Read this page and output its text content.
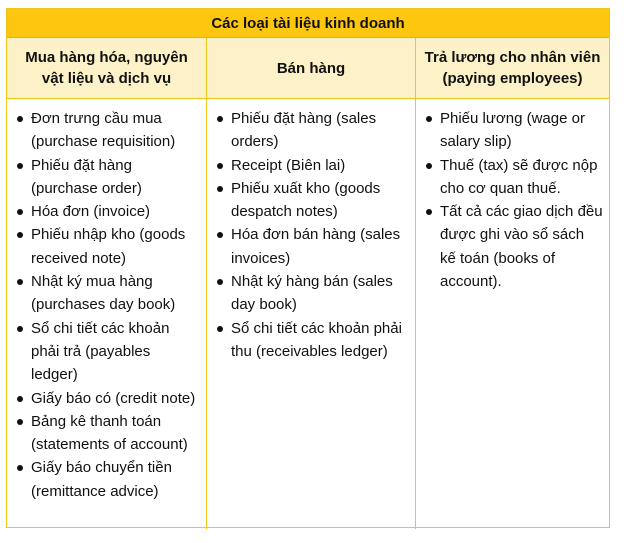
Các loại tài liệu kinh doanh
Mua hàng hóa, nguyên vật liệu và dịch vụ
Bán hàng
Trả lương cho nhân viên (paying employees)
Đơn trưng cầu mua (purchase requisition)
Phiếu đặt hàng (purchase order)
Hóa đơn (invoice)
Phiếu nhập kho (goods received note)
Nhật ký mua hàng (purchases day book)
Sổ chi tiết các khoản phải trả (payables ledger)
Giấy báo có (credit note)
Bảng kê thanh toán (statements of account)
Giấy báo chuyển tiền (remittance advice)
Phiếu đặt hàng (sales orders)
Receipt (Biên lai)
Phiếu xuất kho (goods despatch notes)
Hóa đơn bán hàng (sales invoices)
Nhật ký hàng bán (sales day book)
Sổ chi tiết các khoản phải thu (receivables ledger)
Phiếu lương (wage or salary slip)
Thuế (tax) sẽ được nộp cho cơ quan thuế.
Tất cả các giao dịch đều được ghi vào sổ sách kế toán (books of account).
